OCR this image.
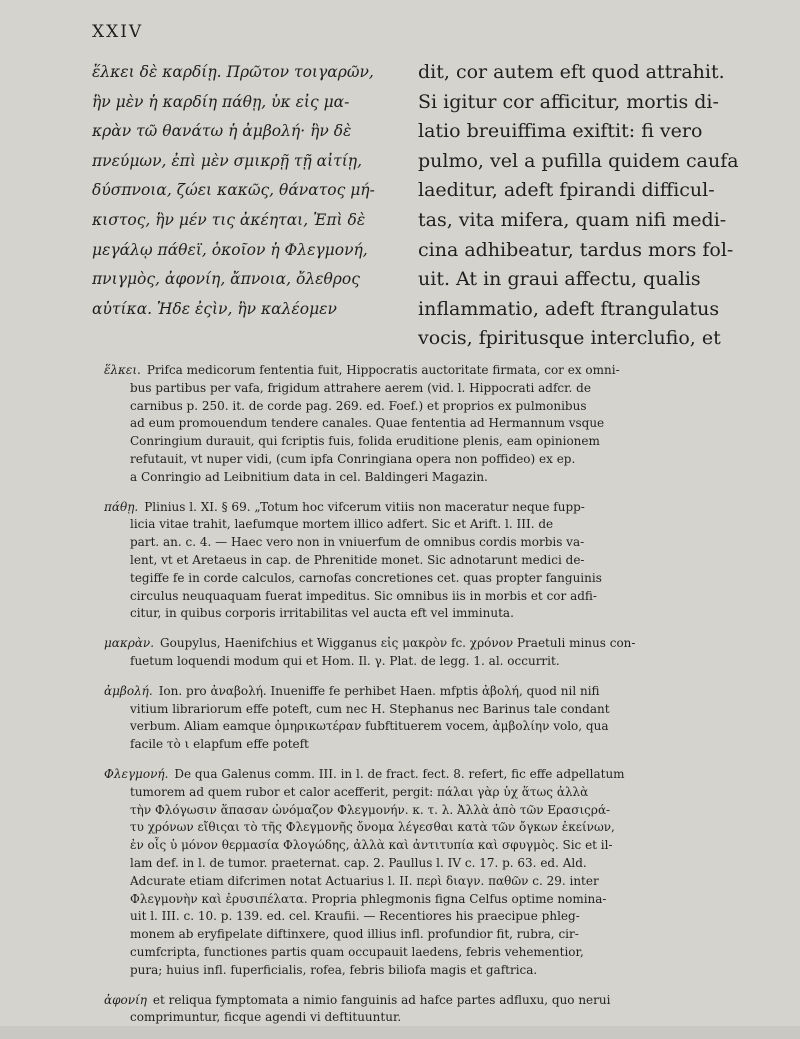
XXIV
ἕλκει δὲ καρδίῃ. Πρῶτον τοιγαρῶν,
ἣν μὲν ἡ καρδίη πάθῃ, ὑκ εἰς μα-
κρὰν τῶ θανάτω ἡ ἀμβολή· ἣν δὲ
πνεύμων, ἐπὶ μὲν σμικρῇ τῇ αἰτίῃ,
δύσπνοια, ζώει κακῶς, θάνατος μή-
κιστος, ἣν μέν τις ἀκέηται, Ἐπὶ δὲ
μεγάλῳ πάθεϊ, ὁκοῖον ἡ Φλεγμονή,
πνιγμὸς, ἀφονίη, ἄπνοια, ὄλεθρος
αὐτίκα. Ἡδε ἐςὶν, ἣν καλέομεν
dit, cor autem eft quod attrahit.
Si igitur cor afficitur, mortis di-
latio breuiffima exiftit: fi vero
pulmo, vel a pufilla quidem caufa
laeditur, adeft fpirandi difficul-
tas, vita mifera, quam nifi medi-
cina adhibeatur, tardus mors fol-
uit. At in graui affectu, qualis
inflammatio, adeft ftrangulatus
vocis, fpiritusque interclufio, et
ἕλκει. Prifca medicorum fententia fuit, Hippocratis auctoritate firmata, cor ex omni-
bus partibus per vafa, frigidum attrahere aerem (vid. l. Hippocrati adfcr. de
carnibus p. 250. it. de corde pag. 269. ed. Foef.) et proprios ex pulmonibus
ad eum promouendum tendere canales. Quae fententia ad Hermannum vsque
Conringium durauit, qui fcriptis fuis, folida eruditione plenis, eam opinionem
refutauit, vt nuper vidi, (cum ipfa Conringiana opera non poffideo) ex ep.
a Conringio ad Leibnitium data in cel. Baldingeri Magazin.
πάθῃ. Plinius l. XI. § 69. „Totum hoc vifcerum vitiis non maceratur neque fupp-
licia vitae trahit, laefumque mortem illico adfert. Sic et Arift. l. III. de
part. an. c. 4. — Haec vero non in vniuerfum de omnibus cordis morbis va-
lent, vt et Aretaeus in cap. de Phrenitide monet. Sic adnotarunt medici de-
tegiffe fe in corde calculos, carnofas concretiones cet. quas propter fanguinis
circulus neuquaquam fuerat impeditus. Sic omnibus iis in morbis et cor adfi-
citur, in quibus corporis irritabilitas vel aucta eft vel imminuta.
μακρὰν. Goupylus, Haenifchius et Wigganus εἰς μακρὸν fc. χρόνον Praetuli minus con-
fuetum loquendi modum qui et Hom. Il. γ. Plat. de legg. 1. al. occurrit.
ἀμβολή. Ion. pro ἀναβολή. Inueniffe fe perhibet Haen. mfptis ἀβολή, quod nil nifi
vitium librariorum effe poteft, cum nec H. Stephanus nec Barinus tale condant
verbum. Aliam eamque ὁμηρικωτέραν fubftituerem vocem, ἀμβολίην volo, qua
facile τὸ ι elapfum effe poteft
Φλεγμονή. De qua Galenus comm. III. in l. de fract. fect. 8. refert, fic effe adpellatum
tumorem ad quem rubor et calor acefferit, pergit: πάλαι γὰρ ὑχ ἅτως ἀλλὰ
τὴν Φλόγωσιν ἅπασαν ὠνόμαζον Φλεγμονήν. κ. τ. λ. Ἀλλὰ ἀπὸ τῶν Ερασιςρά-
τυ χρόνων εἴθιςαι τὸ τῆς Φλεγμονῆς ὄνομα λέγεσθαι κατὰ τῶν ὄγκων ἐκείνων,
ἐν οἷς ὑ μόνον θερμασία Φλογώδης, ἀλλὰ καὶ ἀντιτυπία καὶ σφυγμὸς. Sic et il-
lam def. in l. de tumor. praeternat. cap. 2. Paullus l. IV c. 17. p. 63. ed. Ald.
Adcurate etiam difcrimen notat Actuarius l. II. περὶ διαγν. παθῶν c. 29. inter
Φλεγμονὴν καὶ ἐρυσιπέλατα. Propria phlegmonis figna Celfus optime nomina-
uit l. III. c. 10. p. 139. ed. cel. Kraufii. — Recentiores his praecipue phleg-
monem ab eryfipelate diftinxere, quod illius infl. profundior fit, rubra, cir-
cumfcripta, functiones partis quam occupauit laedens, febris vehementior,
pura; huius infl. fuperficialis, rofea, febris biliofa magis et gaftrica.
ἀφονίη et reliqua fymptomata a nimio fanguinis ad hafce partes adfluxu, quo nerui
comprimuntur, ficque agendi vi deftituuntur.
